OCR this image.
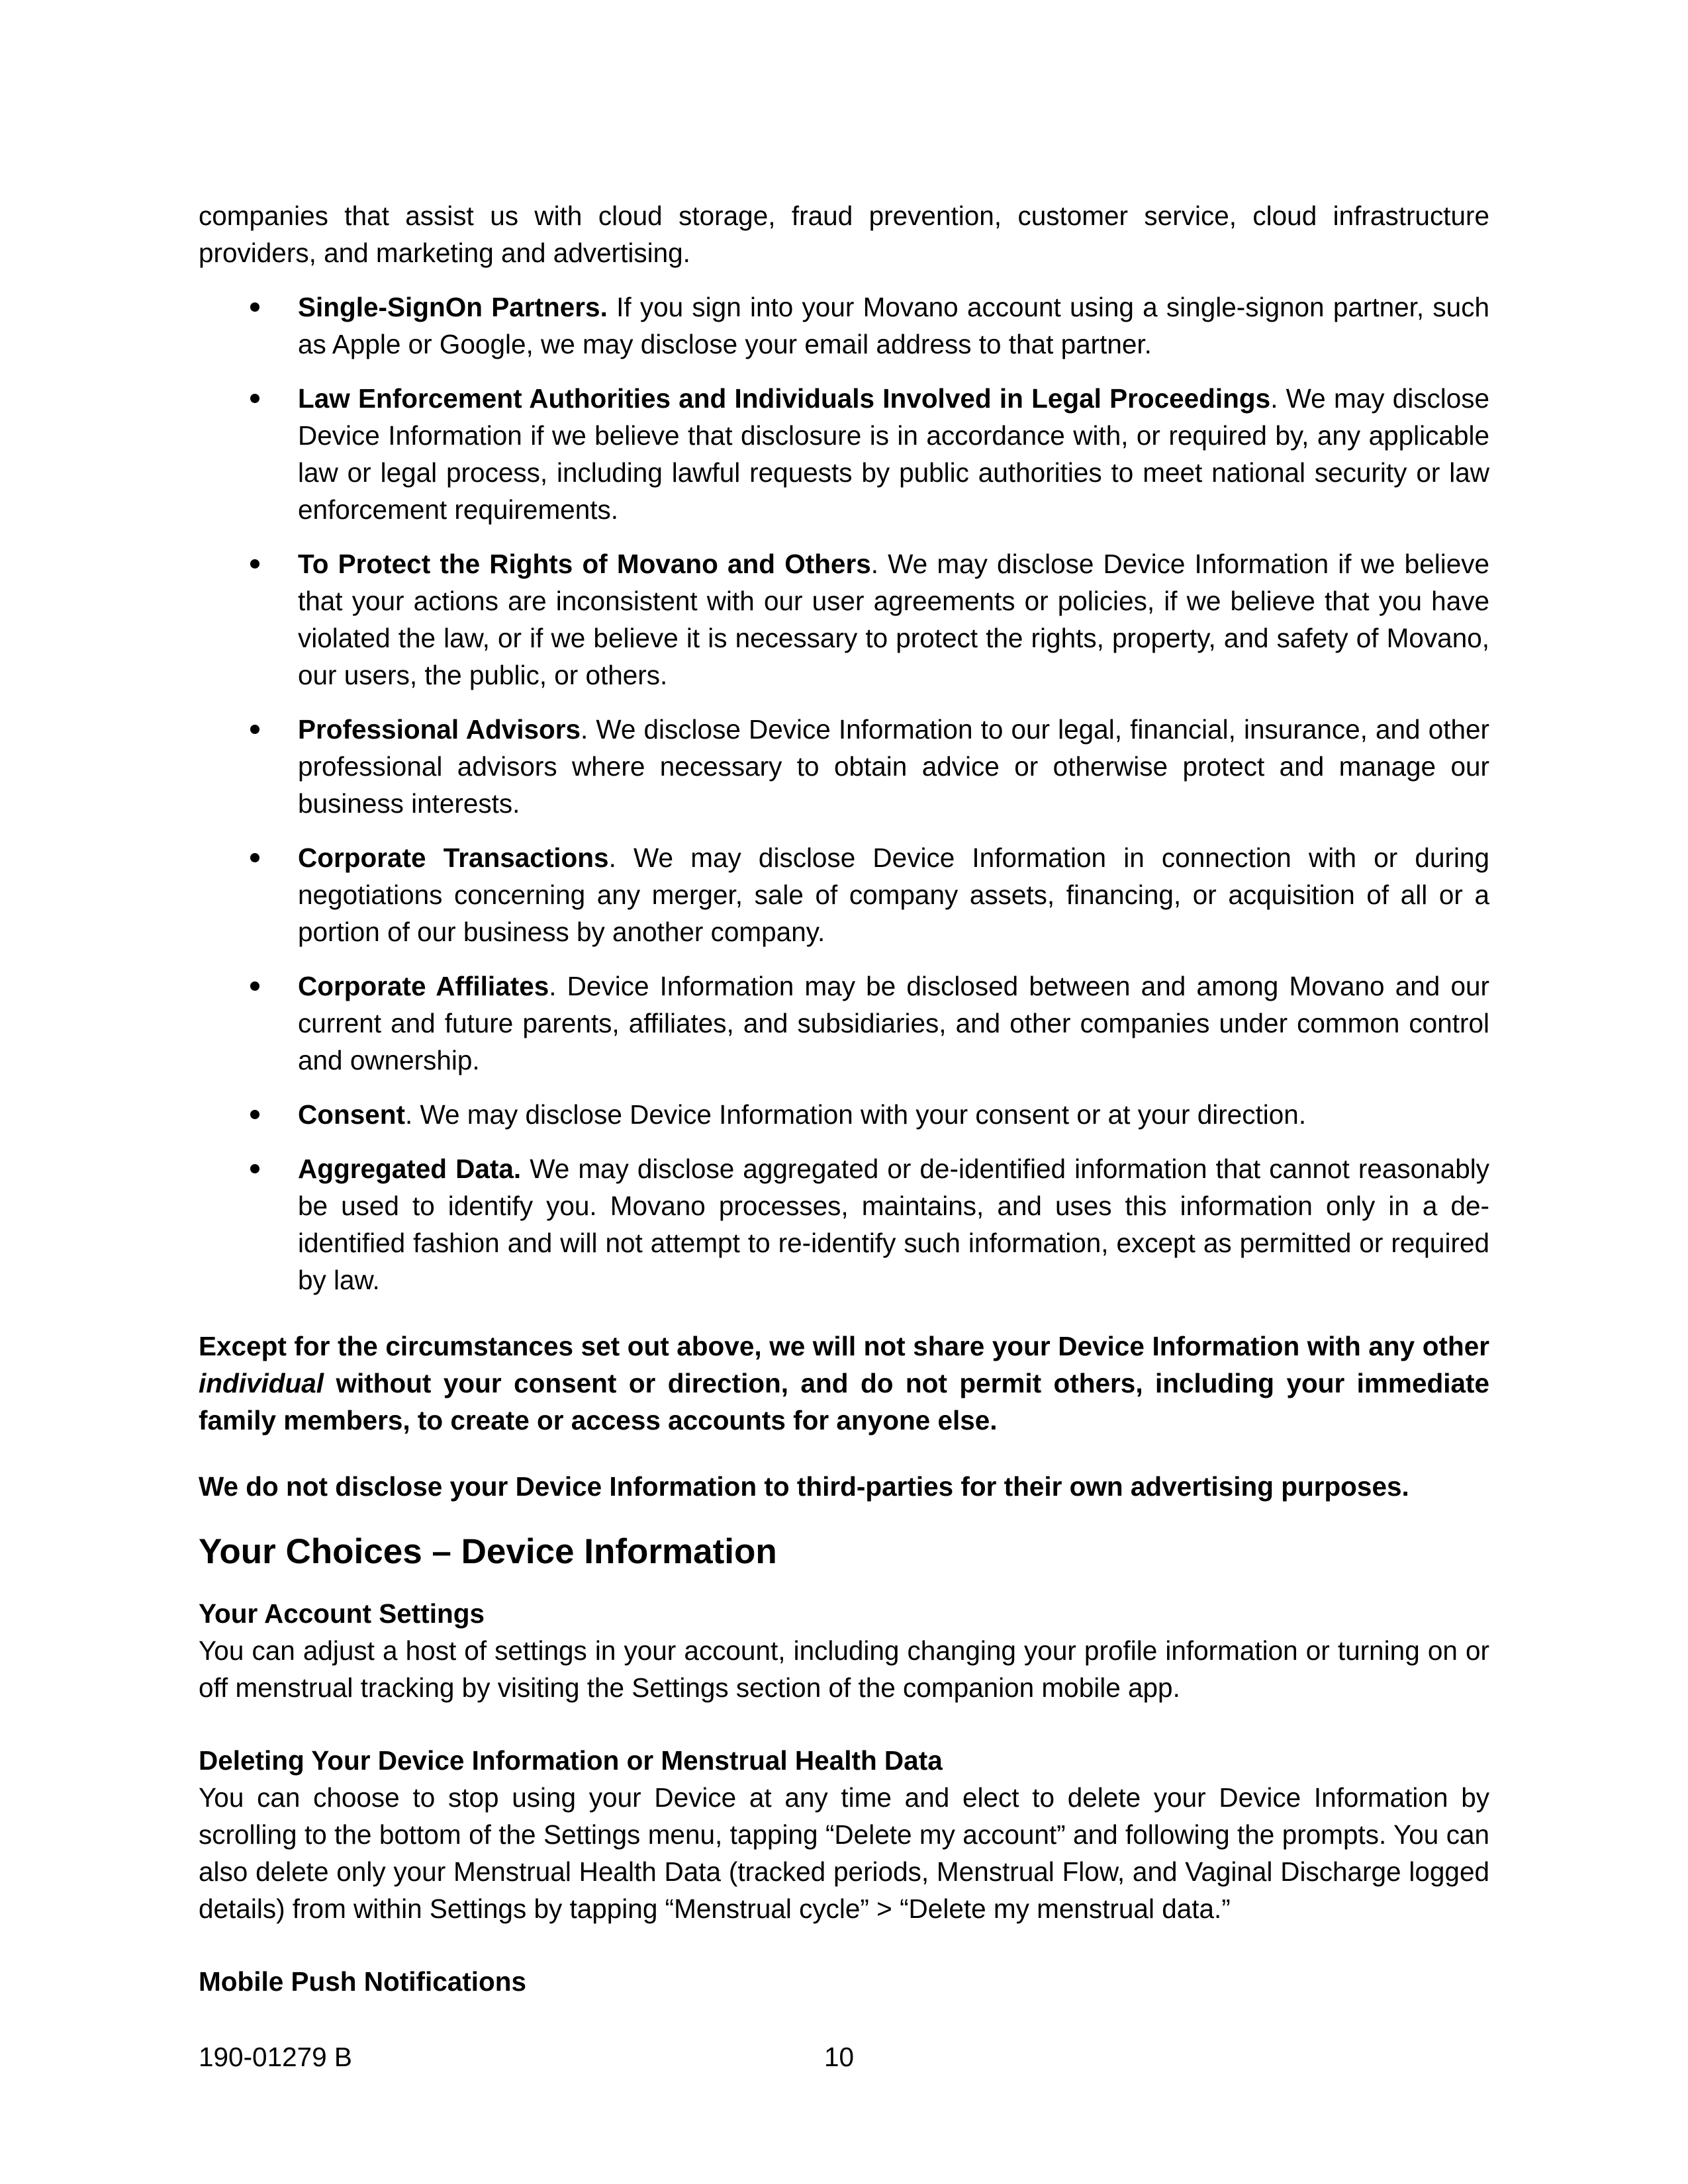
companies that assist us with cloud storage, fraud prevention, customer service, cloud infrastructure providers, and marketing and advertising.

Single-SignOn Partners. If you sign into your Movano account using a single-signon partner, such as Apple or Google, we may disclose your email address to that partner.
Law Enforcement Authorities and Individuals Involved in Legal Proceedings. We may disclose Device Information if we believe that disclosure is in accordance with, or required by, any applicable law or legal process, including lawful requests by public authorities to meet national security or law enforcement requirements.
To Protect the Rights of Movano and Others. We may disclose Device Information if we believe that your actions are inconsistent with our user agreements or policies, if we believe that you have violated the law, or if we believe it is necessary to protect the rights, property, and safety of Movano, our users, the public, or others.
Professional Advisors. We disclose Device Information to our legal, financial, insurance, and other professional advisors where necessary to obtain advice or otherwise protect and manage our business interests.
Corporate Transactions. We may disclose Device Information in connection with or during negotiations concerning any merger, sale of company assets, financing, or acquisition of all or a portion of our business by another company.
Corporate Affiliates. Device Information may be disclosed between and among Movano and our current and future parents, affiliates, and subsidiaries, and other companies under common control and ownership.
Consent. We may disclose Device Information with your consent or at your direction.
Aggregated Data. We may disclose aggregated or de-identified information that cannot reasonably be used to identify you. Movano processes, maintains, and uses this information only in a de-identified fashion and will not attempt to re-identify such information, except as permitted or required by law.

Except for the circumstances set out above, we will not share your Device Information with any other individual without your consent or direction, and do not permit others, including your immediate family members, to create or access accounts for anyone else.

We do not disclose your Device Information to third-parties for their own advertising purposes.

Your Choices – Device Information

Your Account Settings

You can adjust a host of settings in your account, including changing your profile information or turning on or off menstrual tracking by visiting the Settings section of the companion mobile app.

Deleting Your Device Information or Menstrual Health Data

You can choose to stop using your Device at any time and elect to delete your Device Information by scrolling to the bottom of the Settings menu, tapping “Delete my account” and following the prompts. You can also delete only your Menstrual Health Data (tracked periods, Menstrual Flow, and Vaginal Discharge logged details) from within Settings by tapping “Menstrual cycle” > “Delete my menstrual data.”

Mobile Push Notifications

190-01279 B	10
